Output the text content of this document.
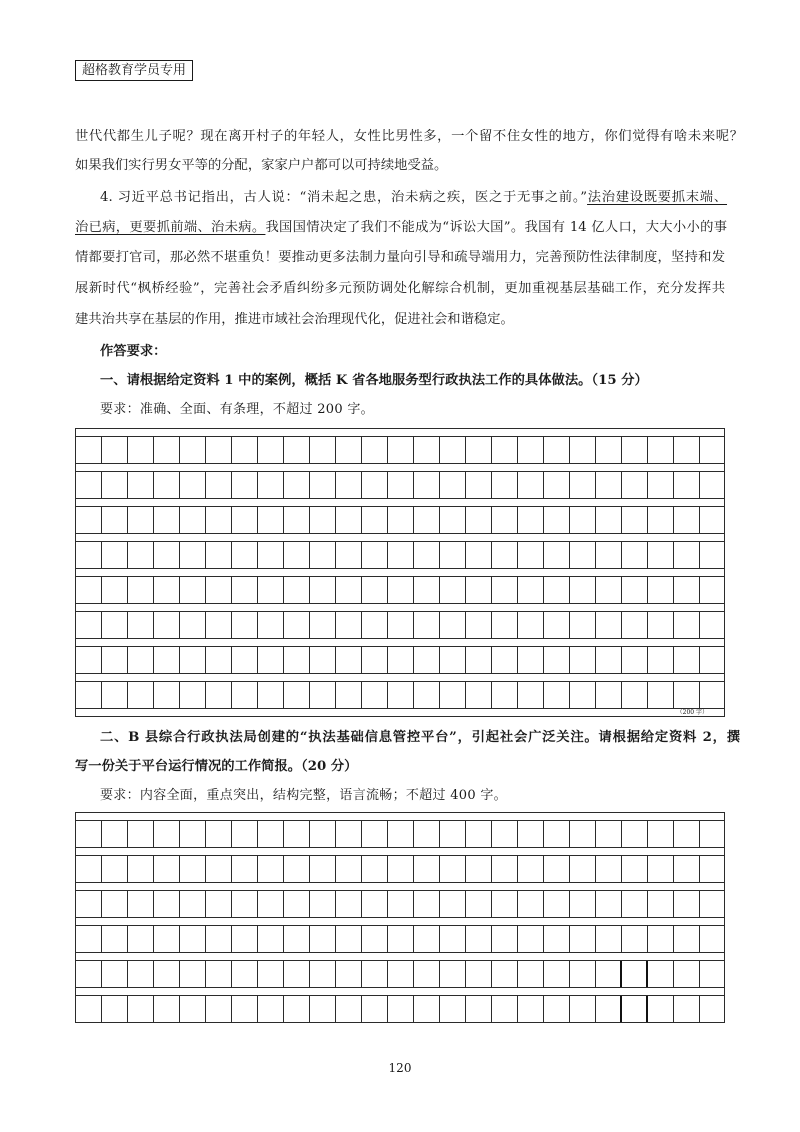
超格教育学员专用
世代代都生儿子呢？现在离开村子的年轻人，女性比男性多，一个留不住女性的地方，你们觉得有啥未来呢？
如果我们实行男女平等的分配，家家户户都可以可持续地受益。
4. 习近平总书记指出，古人说：“消未起之患，治未病之疾，医之于无事之前。”法治建设既要抓末端、
治已病，更要抓前端、治未病。我国国情决定了我们不能成为“诉讼大国”。我国有 14 亿人口，大大小小的事
情都要打官司，那必然不堪重负！要推动更多法制力量向引导和疏导端用力，完善预防性法律制度，坚持和发
展新时代“枫桥经验”，完善社会矛盾纠纷多元预防调处化解综合机制，更加重视基层基础工作，充分发挥共
建共治共享在基层的作用，推进市域社会治理现代化，促进社会和谐稳定。
作答要求：
一、请根据给定资料 1 中的案例，概括 K 省各地服务型行政执法工作的具体做法。（15 分）
要求：准确、全面、有条理，不超过 200 字。
（200 字）
二、B 县综合行政执法局创建的“执法基础信息管控平台”，引起社会广泛关注。请根据给定资料 2，撰
写一份关于平台运行情况的工作简报。（20 分）
要求：内容全面，重点突出，结构完整，语言流畅；不超过 400 字。
120
